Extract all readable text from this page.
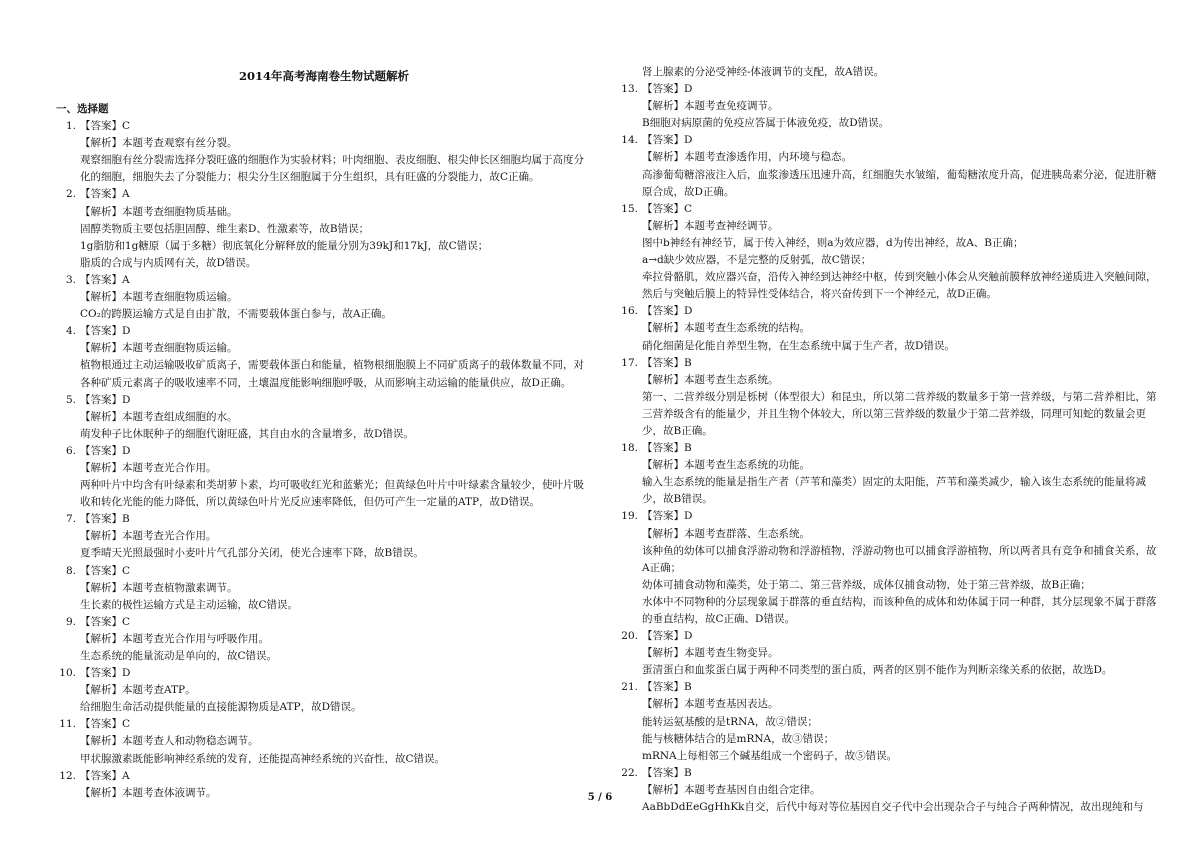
2014年高考海南卷生物试题解析
一、选择题
1. 【答案】C
【解析】本题考查观察有丝分裂。
观察细胞有丝分裂需选择分裂旺盛的细胞作为实验材料；叶肉细胞、表皮细胞、根尖伸长区细胞均属于高度分化的细胞，细胞失去了分裂能力；根尖分生区细胞属于分生组织，具有旺盛的分裂能力，故C正确。
2. 【答案】A
【解析】本题考查细胞物质基础。
固醇类物质主要包括胆固醇、维生素D、性激素等，故B错误；
1g脂肪和1g糖原（属于多糖）彻底氧化分解释放的能量分别为39kJ和17kJ，故C错误；
脂质的合成与内质网有关，故D错误。
3. 【答案】A
【解析】本题考查细胞物质运输。
CO₂的跨膜运输方式是自由扩散，不需要载体蛋白参与，故A正确。
4. 【答案】D
【解析】本题考查细胞物质运输。
植物根通过主动运输吸收矿质离子，需要载体蛋白和能量，植物根细胞膜上不同矿质离子的载体数量不同，对各种矿质元素离子的吸收速率不同，土壤温度能影响细胞呼吸，从而影响主动运输的能量供应，故D正确。
5. 【答案】D
【解析】本题考查组成细胞的水。
萌发种子比休眠种子的细胞代谢旺盛，其自由水的含量增多，故D错误。
6. 【答案】D
【解析】本题考查光合作用。
两种叶片中均含有叶绿素和类胡萝卜素，均可吸收红光和蓝紫光；但黄绿色叶片中叶绿素含量较少，使叶片吸收和转化光能的能力降低，所以黄绿色叶片光反应速率降低，但仍可产生一定量的ATP，故D错误。
7. 【答案】B
【解析】本题考查光合作用。
夏季晴天光照最强时小麦叶片气孔部分关闭，使光合速率下降，故B错误。
8. 【答案】C
【解析】本题考查植物激素调节。
生长素的极性运输方式是主动运输，故C错误。
9. 【答案】C
【解析】本题考查光合作用与呼吸作用。
生态系统的能量流动是单向的，故C错误。
10. 【答案】D
【解析】本题考查ATP。
给细胞生命活动提供能量的直接能源物质是ATP，故D错误。
11. 【答案】C
【解析】本题考查人和动物稳态调节。
甲状腺激素既能影响神经系统的发育，还能提高神经系统的兴奋性，故C错误。
12. 【答案】A
【解析】本题考查体液调节。
肾上腺素的分泌受神经-体液调节的支配，故A错误。
13. 【答案】D
【解析】本题考查免疫调节。
B细胞对病原菌的免疫应答属于体液免疫，故D错误。
14. 【答案】D
【解析】本题考查渗透作用，内环境与稳态。
高渗葡萄糖溶液注入后，血浆渗透压迅速升高，红细胞失水皱缩，葡萄糖浓度升高，促进胰岛素分泌，促进肝糖原合成，故D正确。
15. 【答案】C
【解析】本题考查神经调节。
图中b神经有神经节，属于传入神经，则a为效应器，d为传出神经，故A、B正确；
a→d缺少效应器，不是完整的反射弧，故C错误；
牵拉骨骼肌，效应器兴奋，沿传入神经到达神经中枢，传到突触小体会从突触前膜释放神经递质进入突触间隙，然后与突触后膜上的特异性受体结合，将兴奋传到下一个神经元，故D正确。
16. 【答案】D
【解析】本题考查生态系统的结构。
硝化细菌是化能自养型生物，在生态系统中属于生产者，故D错误。
17. 【答案】B
【解析】本题考查生态系统。
第一、二营养级分别是栎树（体型很大）和昆虫，所以第二营养级的数量多于第一营养级，与第二营养相比，第三营养级含有的能量少，并且生物个体较大，所以第三营养级的数量少于第二营养级，同理可知蛇的数量会更少，故B正确。
18. 【答案】B
【解析】本题考查生态系统的功能。
输入生态系统的能量是指生产者（芦苇和藻类）固定的太阳能，芦苇和藻类减少，输入该生态系统的能量将减少，故B错误。
19. 【答案】D
【解析】本题考查群落、生态系统。
该种鱼的幼体可以捕食浮游动物和浮游植物，浮游动物也可以捕食浮游植物，所以两者具有竞争和捕食关系，故A正确；
幼体可捕食动物和藻类，处于第二、第三营养级，成体仅捕食动物，处于第三营养级，故B正确；
水体中不同物种的分层现象属于群落的垂直结构，而该种鱼的成体和幼体属于同一种群，其分层现象不属于群落的垂直结构，故C正确、D错误。
20. 【答案】D
【解析】本题考查生物变异。
蛋清蛋白和血浆蛋白属于两种不同类型的蛋白质，两者的区别不能作为判断亲缘关系的依据，故选D。
21. 【答案】B
【解析】本题考查基因表达。
能转运氨基酸的是tRNA，故②错误；
能与核糖体结合的是mRNA，故③错误；
mRNA上每相邻三个碱基组成一个密码子，故⑤错误。
22. 【答案】B
【解析】本题考查基因自由组合定律。
AaBbDdEeGgHhKk自交，后代中每对等位基因自交子代中会出现杂合子与纯合子两种情况，故出现纯和与
5 / 6
